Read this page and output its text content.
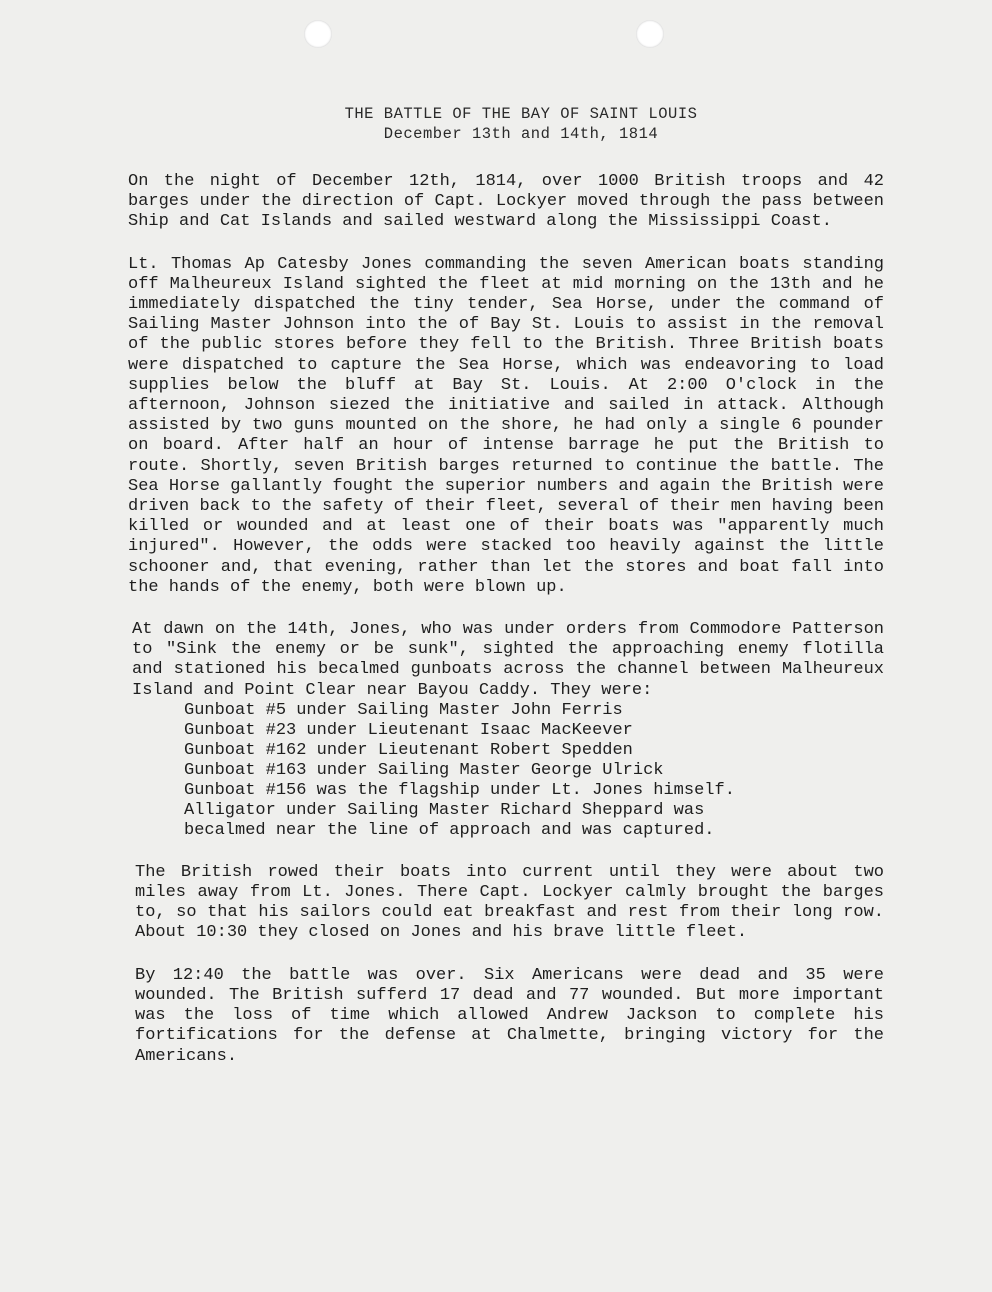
THE BATTLE OF THE BAY OF SAINT LOUIS
December 13th and 14th, 1814

On the night of December 12th, 1814, over 1000 British troops and 42 barges under the direction of Capt. Lockyer moved through the pass between Ship and Cat Islands and sailed westward along the Mississippi Coast.

Lt. Thomas Ap Catesby Jones commanding the seven American boats standing off Malheureux Island sighted the fleet at mid morning on the 13th and he immediately dispatched the tiny tender, Sea Horse, under the command of Sailing Master Johnson into the of Bay St. Louis to assist in the removal of the public stores before they fell to the British. Three British boats were dispatched to capture the Sea Horse, which was endeavoring to load supplies below the bluff at Bay St. Louis. At 2:00 O'clock in the afternoon, Johnson siezed the initiative and sailed in attack. Although assisted by two guns mounted on the shore, he had only a single 6 pounder on board. After half an hour of intense barrage he put the British to route. Shortly, seven British barges returned to continue the battle. The Sea Horse gallantly fought the superior numbers and again the British were driven back to the safety of their fleet, several of their men having been killed or wounded and at least one of their boats was "apparently much injured". However, the odds were stacked too heavily against the little schooner and, that evening, rather than let the stores and boat fall into the hands of the enemy, both were blown up.

At dawn on the 14th, Jones, who was under orders from Commodore Patterson to "Sink the enemy or be sunk", sighted the approaching enemy flotilla and stationed his becalmed gunboats across the channel between Malheureux Island and Point Clear near Bayou Caddy. They were:

Gunboat #5 under Sailing Master John Ferris
Gunboat #23 under Lieutenant Isaac MacKeever
Gunboat #162 under Lieutenant Robert Spedden
Gunboat #163 under Sailing Master George Ulrick
Gunboat #156 was the flagship under Lt. Jones himself.
Alligator under Sailing Master Richard Sheppard was
becalmed near the line of approach and was captured.

The British rowed their boats into current until they were about two miles away from Lt. Jones. There Capt. Lockyer calmly brought the barges to, so that his sailors could eat breakfast and rest from their long row. About 10:30 they closed on Jones and his brave little fleet.

By 12:40 the battle was over. Six Americans were dead and 35 were wounded. The British sufferd 17 dead and 77 wounded. But more important was the loss of time which allowed Andrew Jackson to complete his fortifications for the defense at Chalmette, bringing victory for the Americans.
